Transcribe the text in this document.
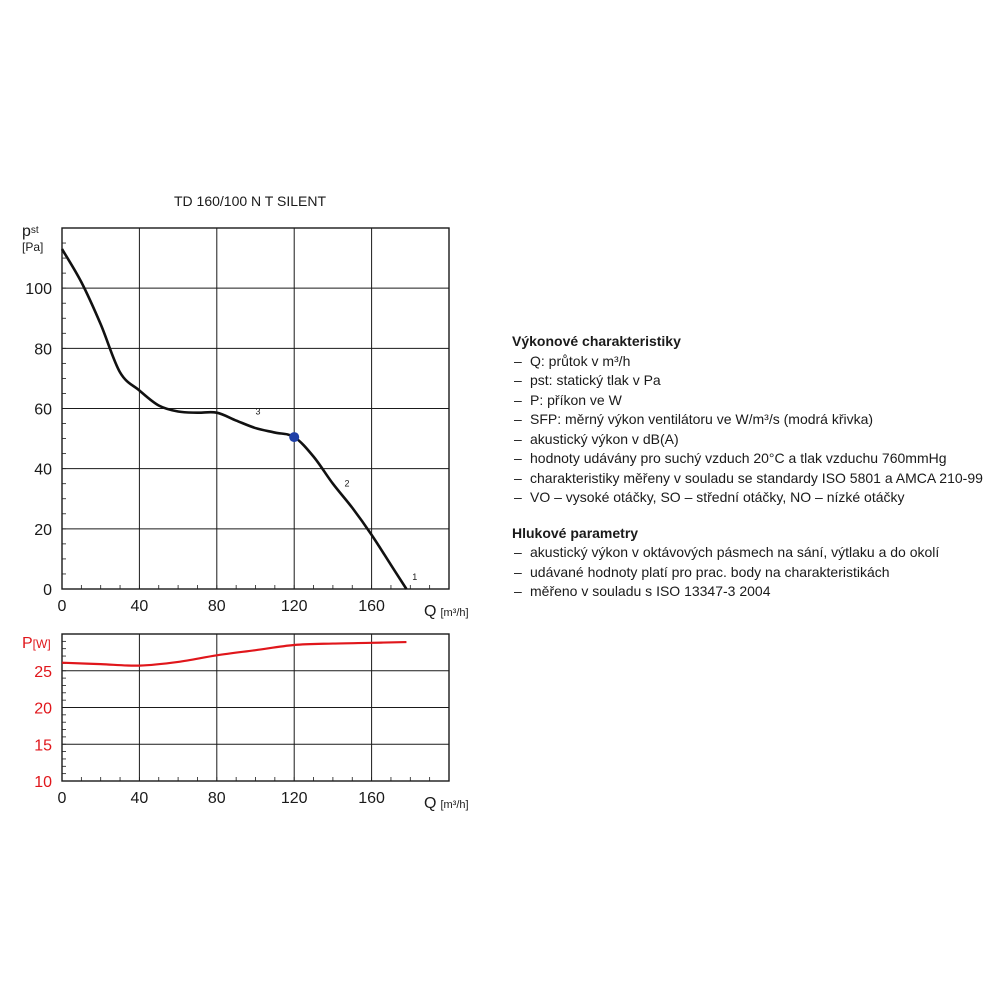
TD 160/100 N T SILENT
0	40	80	120	160
0
20
40
60
80
100
3
2
1
0	40	80	120	160
10
15
20
25
pst
[Pa]
Q [m³/h]
P[W]
Q [m³/h]
Výkonové charakteristiky
– Q: průtok v m³/h
– pst: statický tlak v Pa
– P: příkon ve W
– SFP: měrný výkon ventilátoru ve W/m³/s (modrá křivka)
– akustický výkon v dB(A)
– hodnoty udávány pro suchý vzduch 20°C a tlak vzduchu 760mmHg
– charakteristiky měřeny v souladu se standardy ISO 5801 a AMCA 210-99
– VO – vysoké otáčky, SO – střední otáčky, NO – nízké otáčky
Hlukové parametry
– akustický výkon v oktávových pásmech na sání, výtlaku a do okolí
– udávané hodnoty platí pro prac. body na charakteristikách
– měřeno v souladu s ISO 13347-3 2004
